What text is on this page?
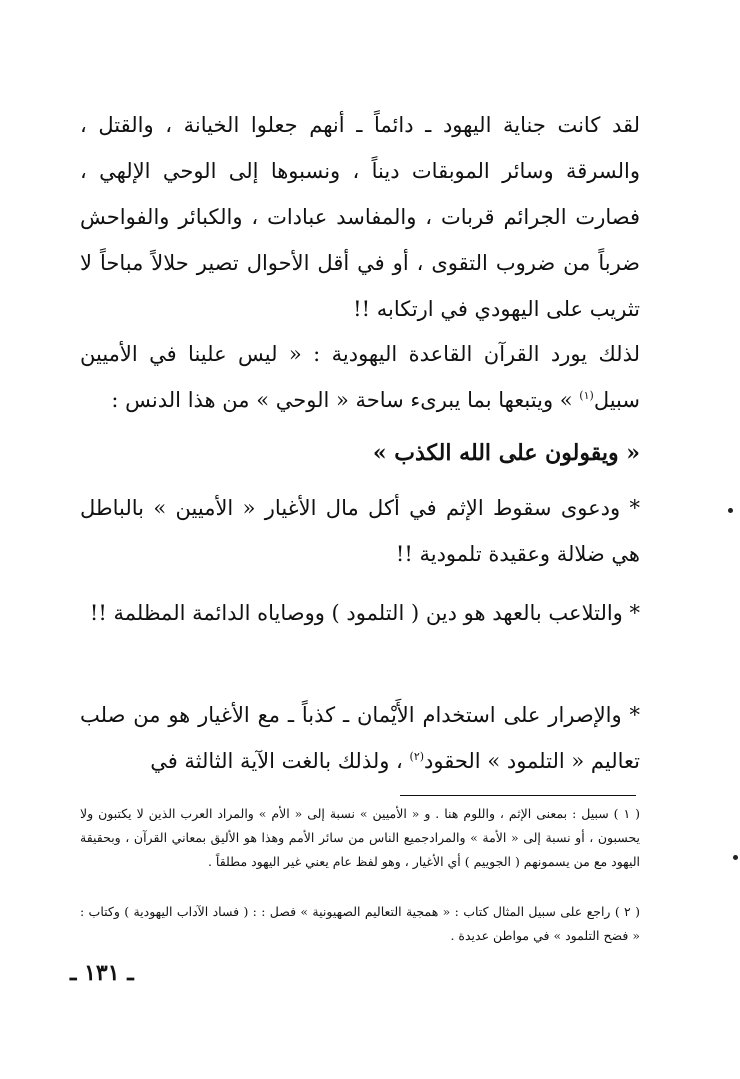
لقد كانت جناية اليهود ـ دائماً ـ أنهم جعلوا الخيانة ، والقتل ، والسرقة وسائر الموبقات ديناً ، ونسبوها إلى الوحي الإلهي ، فصارت الجرائم قربات ، والمفاسد عبادات ، والكبائر والفواحش ضرباً من ضروب التقوى ، أو في أقل الأحوال تصير حلالاً مباحاً لا تثريب على اليهودي في ارتكابه !!

لذلك يورد القرآن القاعدة اليهودية : « ليس علينا في الأميين سبيل$^{(١)}$ » ويتبعها بما يبرىء ساحة « الوحي » من هذا الدنس :

« ويقولون على الله الكذب »

* ودعوى سقوط الإثم في أكل مال الأغيار « الأميين » بالباطل هي ضلالة وعقيدة تلمودية !!

* والتلاعب بالعهد هو دين ( التلمود ) ووصاياه الدائمة المظلمة !!

* والإصرار على استخدام الأَيْمان ـ كذباً ـ مع الأغيار هو من صلب تعاليم « التلمود » الحقود$^{(٢)}$ ، ولذلك بالغت الآية الثالثة في

( ١ ) سبيل : بمعنى الإثم ، واللوم هنا . و « الأميين » نسبة إلى « الأم » والمراد العرب الذين لا يكتبون ولا يحسبون ، أو نسبة إلى « الأمة » والمرادجميع الناس من سائر الأمم وهذا هو الأليق بمعاني القرآن ، وبحقيقة اليهود مع من يسمونهم ( الجوييم ) أي الأغيار ، وهو لفظ عام يعني غير اليهود مطلقاً .

( ٢ ) راجع على سبيل المثال كتاب : « همجية التعاليم الصهيونية » فصل : : ( فساد الآداب اليهودية ) وكتاب : « فضح التلمود » في مواطن عديدة .

ـ ١٣١ ـ
